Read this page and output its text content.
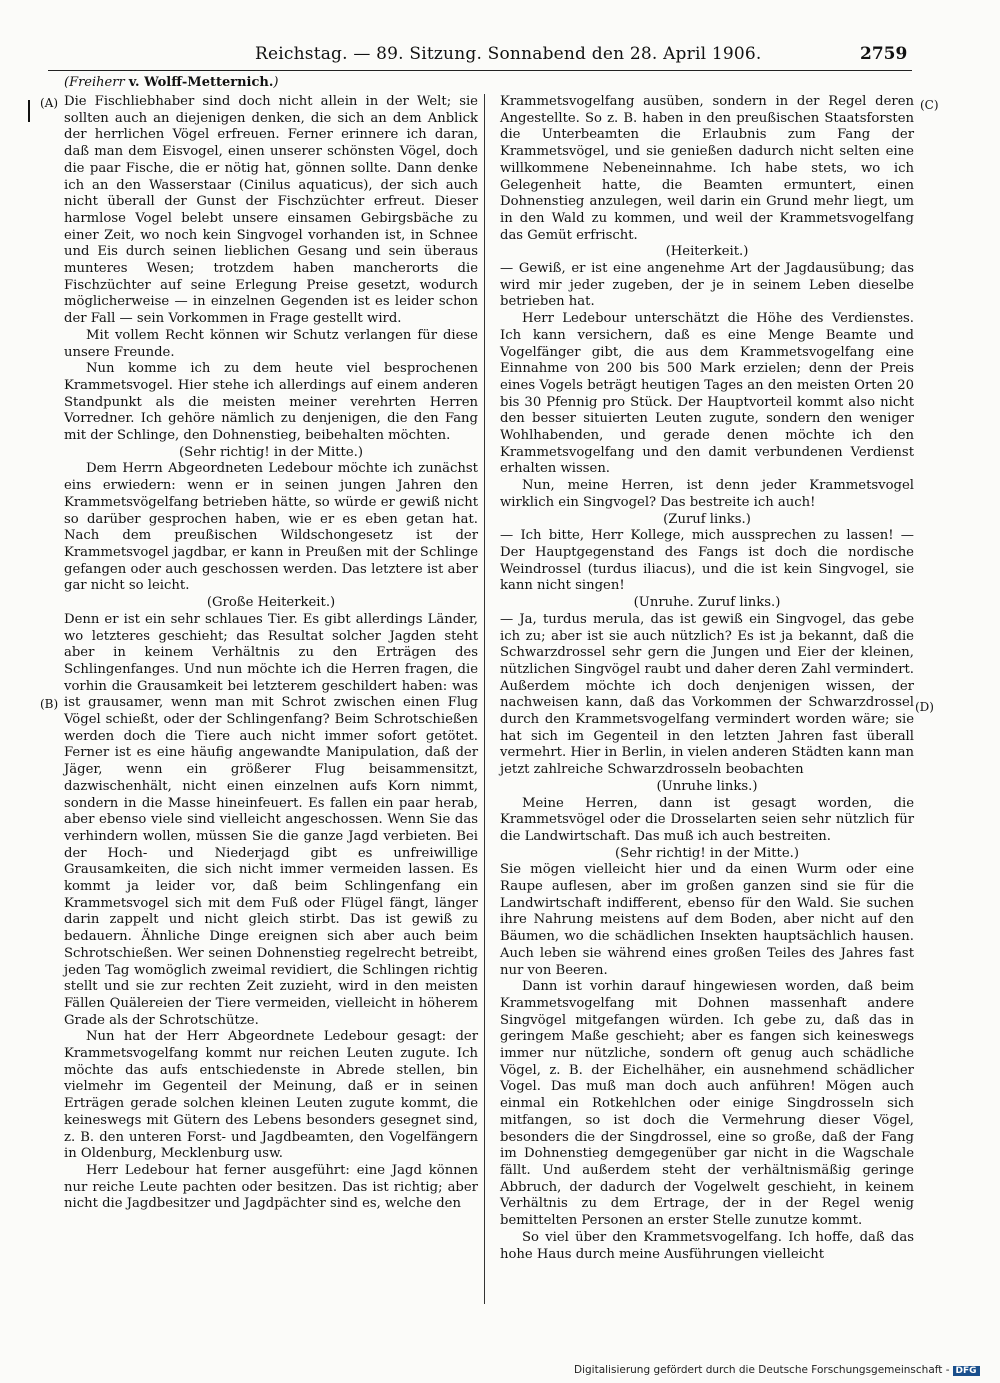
Reichstag. — 89. Sitzung. Sonnabend den 28. April 1906.	2759
(Freiherr v. Wolff-Metternich.)
(A)
(B)
(C)
(D)

Die Fischliebhaber sind doch nicht allein in der Welt; sie sollten auch an diejenigen denken, die sich an dem Anblick der herrlichen Vögel erfreuen. Ferner erinnere ich daran, daß man dem Eisvogel, einen unserer schönsten Vögel, doch die paar Fische, die er nötig hat, gönnen sollte. Dann denke ich an den Wasserstaar (Cinilus aquaticus), der sich auch nicht überall der Gunst der Fischzüchter erfreut. Dieser harmlose Vogel belebt unsere einsamen Gebirgsbäche zu einer Zeit, wo noch kein Singvogel vorhanden ist, in Schnee und Eis durch seinen lieblichen Gesang und sein überaus munteres Wesen; trotzdem haben mancherorts die Fischzüchter auf seine Erlegung Preise gesetzt, wodurch möglicherweise — in einzelnen Gegenden ist es leider schon der Fall — sein Vorkommen in Frage gestellt wird.

Mit vollem Recht können wir Schutz verlangen für diese unsere Freunde.

Nun komme ich zu dem heute viel besprochenen Krammetsvogel. Hier stehe ich allerdings auf einem anderen Standpunkt als die meisten meiner verehrten Herren Vorredner. Ich gehöre nämlich zu denjenigen, die den Fang mit der Schlinge, den Dohnenstieg, beibehalten möchten.

(Sehr richtig! in der Mitte.)

Dem Herrn Abgeordneten Ledebour möchte ich zunächst eins erwiedern: wenn er in seinen jungen Jahren den Krammetsvögelfang betrieben hätte, so würde er gewiß nicht so darüber gesprochen haben, wie er es eben getan hat. Nach dem preußischen Wildschongesetz ist der Krammetsvogel jagdbar, er kann in Preußen mit der Schlinge gefangen oder auch geschossen werden. Das letztere ist aber gar nicht so leicht.

(Große Heiterkeit.)

Denn er ist ein sehr schlaues Tier. Es gibt allerdings Länder, wo letzteres geschieht; das Resultat solcher Jagden steht aber in keinem Verhältnis zu den Erträgen des Schlingenfanges. Und nun möchte ich die Herren fragen, die vorhin die Grausamkeit bei letzterem geschildert haben: was ist grausamer, wenn man mit Schrot zwischen einen Flug Vögel schießt, oder der Schlingenfang? Beim Schrotschießen werden doch die Tiere auch nicht immer sofort getötet. Ferner ist es eine häufig angewandte Manipulation, daß der Jäger, wenn ein größerer Flug beisammensitzt, dazwischenhält, nicht einen einzelnen aufs Korn nimmt, sondern in die Masse hineinfeuert. Es fallen ein paar herab, aber ebenso viele sind vielleicht angeschossen. Wenn Sie das verhindern wollen, müssen Sie die ganze Jagd verbieten. Bei der Hoch- und Niederjagd gibt es unfreiwillige Grausamkeiten, die sich nicht immer vermeiden lassen. Es kommt ja leider vor, daß beim Schlingenfang ein Krammetsvogel sich mit dem Fuß oder Flügel fängt, länger darin zappelt und nicht gleich stirbt. Das ist gewiß zu bedauern. Ähnliche Dinge ereignen sich aber auch beim Schrotschießen. Wer seinen Dohnenstieg regelrecht betreibt, jeden Tag womöglich zweimal revidiert, die Schlingen richtig stellt und sie zur rechten Zeit zuzieht, wird in den meisten Fällen Quälereien der Tiere vermeiden, vielleicht in höherem Grade als der Schrotschütze.

Nun hat der Herr Abgeordnete Ledebour gesagt: der Krammetsvogelfang kommt nur reichen Leuten zugute. Ich möchte das aufs entschiedenste in Abrede stellen, bin vielmehr im Gegenteil der Meinung, daß er in seinen Erträgen gerade solchen kleinen Leuten zugute kommt, die keineswegs mit Gütern des Lebens besonders gesegnet sind, z. B. den unteren Forst- und Jagdbeamten, den Vogelfängern in Oldenburg, Mecklenburg usw.

Herr Ledebour hat ferner ausgeführt: eine Jagd können nur reiche Leute pachten oder besitzen. Das ist richtig; aber nicht die Jagdbesitzer und Jagdpächter sind es, welche den

Krammetsvogelfang ausüben, sondern in der Regel deren Angestellte. So z. B. haben in den preußischen Staatsforsten die Unterbeamten die Erlaubnis zum Fang der Krammetsvögel, und sie genießen dadurch nicht selten eine willkommene Nebeneinnahme. Ich habe stets, wo ich Gelegenheit hatte, die Beamten ermuntert, einen Dohnenstieg anzulegen, weil darin ein Grund mehr liegt, um in den Wald zu kommen, und weil der Krammetsvogelfang das Gemüt erfrischt.

(Heiterkeit.)

— Gewiß, er ist eine angenehme Art der Jagdausübung; das wird mir jeder zugeben, der je in seinem Leben dieselbe betrieben hat.

Herr Ledebour unterschätzt die Höhe des Verdienstes. Ich kann versichern, daß es eine Menge Beamte und Vogelfänger gibt, die aus dem Krammetsvogelfang eine Einnahme von 200 bis 500 Mark erzielen; denn der Preis eines Vogels beträgt heutigen Tages an den meisten Orten 20 bis 30 Pfennig pro Stück. Der Hauptvorteil kommt also nicht den besser situierten Leuten zugute, sondern den weniger Wohlhabenden, und gerade denen möchte ich den Krammetsvogelfang und den damit verbundenen Verdienst erhalten wissen.

Nun, meine Herren, ist denn jeder Krammetsvogel wirklich ein Singvogel? Das bestreite ich auch!

(Zuruf links.)

— Ich bitte, Herr Kollege, mich aussprechen zu lassen! — Der Hauptgegenstand des Fangs ist doch die nordische Weindrossel (turdus iliacus), und die ist kein Singvogel, sie kann nicht singen!

(Unruhe. Zuruf links.)

— Ja, turdus merula, das ist gewiß ein Singvogel, das gebe ich zu; aber ist sie auch nützlich? Es ist ja bekannt, daß die Schwarzdrossel sehr gern die Jungen und Eier der kleinen, nützlichen Singvögel raubt und daher deren Zahl vermindert. Außerdem möchte ich doch denjenigen wissen, der nachweisen kann, daß das Vorkommen der Schwarzdrossel durch den Krammetsvogelfang vermindert worden wäre; sie hat sich im Gegenteil in den letzten Jahren fast überall vermehrt. Hier in Berlin, in vielen anderen Städten kann man jetzt zahlreiche Schwarzdrosseln beobachten

(Unruhe links.)

Meine Herren, dann ist gesagt worden, die Krammetsvögel oder die Drosselarten seien sehr nützlich für die Landwirtschaft. Das muß ich auch bestreiten.

(Sehr richtig! in der Mitte.)

Sie mögen vielleicht hier und da einen Wurm oder eine Raupe auflesen, aber im großen ganzen sind sie für die Landwirtschaft indifferent, ebenso für den Wald. Sie suchen ihre Nahrung meistens auf dem Boden, aber nicht auf den Bäumen, wo die schädlichen Insekten hauptsächlich hausen. Auch leben sie während eines großen Teiles des Jahres fast nur von Beeren.

Dann ist vorhin darauf hingewiesen worden, daß beim Krammetsvogelfang mit Dohnen massenhaft andere Singvögel mitgefangen würden. Ich gebe zu, daß das in geringem Maße geschieht; aber es fangen sich keineswegs immer nur nützliche, sondern oft genug auch schädliche Vögel, z. B. der Eichelhäher, ein ausnehmend schädlicher Vogel. Das muß man doch auch anführen! Mögen auch einmal ein Rotkehlchen oder einige Singdrosseln sich mitfangen, so ist doch die Vermehrung dieser Vögel, besonders die der Singdrossel, eine so große, daß der Fang im Dohnenstieg demgegenüber gar nicht in die Wagschale fällt. Und außerdem steht der verhältnismäßig geringe Abbruch, der dadurch der Vogelwelt geschieht, in keinem Verhältnis zu dem Ertrage, der in der Regel wenig bemittelten Personen an erster Stelle zunutze kommt.

So viel über den Krammetsvogelfang. Ich hoffe, daß das hohe Haus durch meine Ausführungen vielleicht

Digitalisierung gefördert durch die Deutsche Forschungsgemeinschaft - DFG
